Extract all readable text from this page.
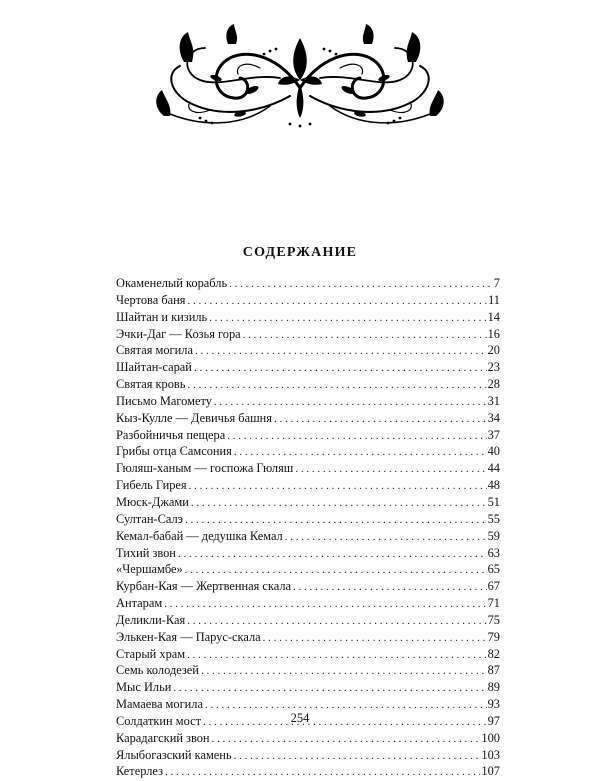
СОДЕРЖАНИЕ
Окаменелый корабль . . .	7
Чертова баня . . .	11
Шайтан и кизиль . . .	14
Эчки-Даг — Козья гора . . .	16
Святая могила . . .	20
Шайтан-сарай . . .	23
Святая кровь . . .	28
Письмо Магомету . . .	31
Кыз-Кулле — Девичья башня . . .	34
Разбойничья пещера . . .	37
Грибы отца Самсония . . .	40
Гюляш-ханым — госпожа Гюляш . . .	44
Гибель Гирея . . .	48
Мюск-Джами . . .	51
Султан-Салэ . . .	55
Кемал-бабай — дедушка Кемал . . .	59
Тихий звон . . .	63
«Чершамбе» . . .	65
Курбан-Кая — Жертвенная скала . . .	67
Антарам . . .	71
Деликли-Кая . . .	75
Элькен-Кая — Парус-скала . . .	79
Старый храм . . .	82
Семь колодезей . . .	87
Мыс Ильи . . .	89
Мамаева могила . . .	93
Солдаткин мост . . .	97
Карадагский звон . . .	100
Ялыбогазский камень . . .	103
Кетерлез . . .	107
254
